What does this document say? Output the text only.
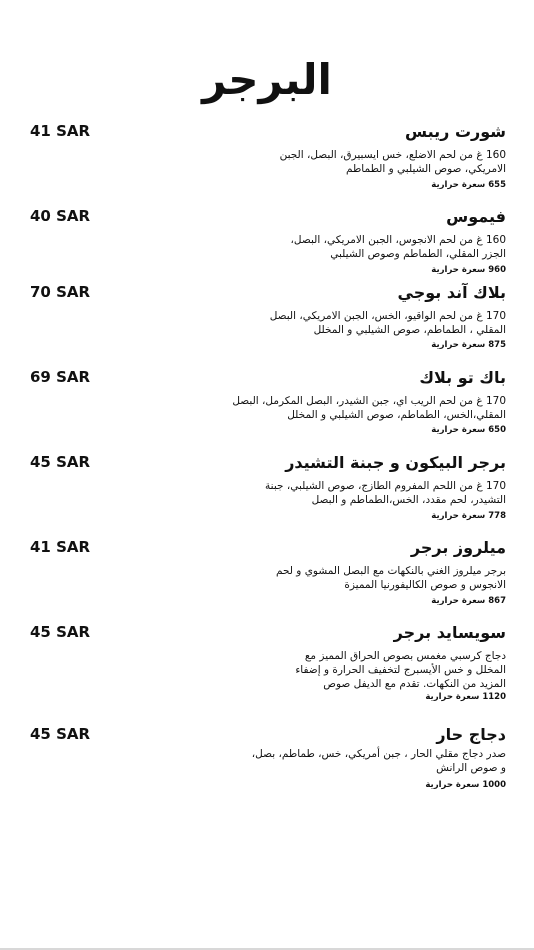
البرجر
41 SAR	شورت ريبس
160 غ من لحم الاضلع، خس ايسبيرق، البصل، الجبن
الامريكي، صوص الشيلبي و الطماطم
655 سعرة حرارية
40 SAR	فيموس
160 غ من لحم الانجوس، الجبن الامريكي، البصل،
الجزر المقلي، الطماطم وصوص الشيلبي
960 سعرة حرارية
70 SAR	بلاك آند بوجي
170 غ من لحم الواقيو، الخس، الجبن الامريكي، البصل
المقلي ، الطماطم، صوص الشيلبي و المخلل
875 سعرة حرارية
69 SAR	باك تو بلاك
170 غ من لحم الريب اي، جبن الشيدر، البصل المكرمل، البصل
المقلي،الخس، الطماطم، صوص الشيلبي و المخلل
650 سعرة حرارية
45 SAR	برجر البيكون و جبنة التشيدر
170 غ من اللحم المفروم الطازج، صوص الشيلبي، جبنة
التشيدر، لحم مقدد، الخس،الطماطم و البصل
778 سعرة حرارية
41 SAR	ميلروز برجر
برجر ميلروز الغني بالنكهات مع البصل المشوي و لحم
الانجوس و صوص الكاليفورنيا المميزة
867 سعرة حرارية
45 SAR	سويسايد برجر
دجاج كرسبي مغمس بصوص الحراق المميز مع
المخلل و خس الأيسبرج لتخفيف الحرارة و إضفاء
المزيد من النكهات. تقدم مع الديفل صوص
1120 سعرة حرارية
45 SAR	دجاج حار
صدر دجاج مقلي الحار ، جبن أمريكي، خس، طماطم، بصل،
و صوص الرانش
1000 سعرة حرارية
